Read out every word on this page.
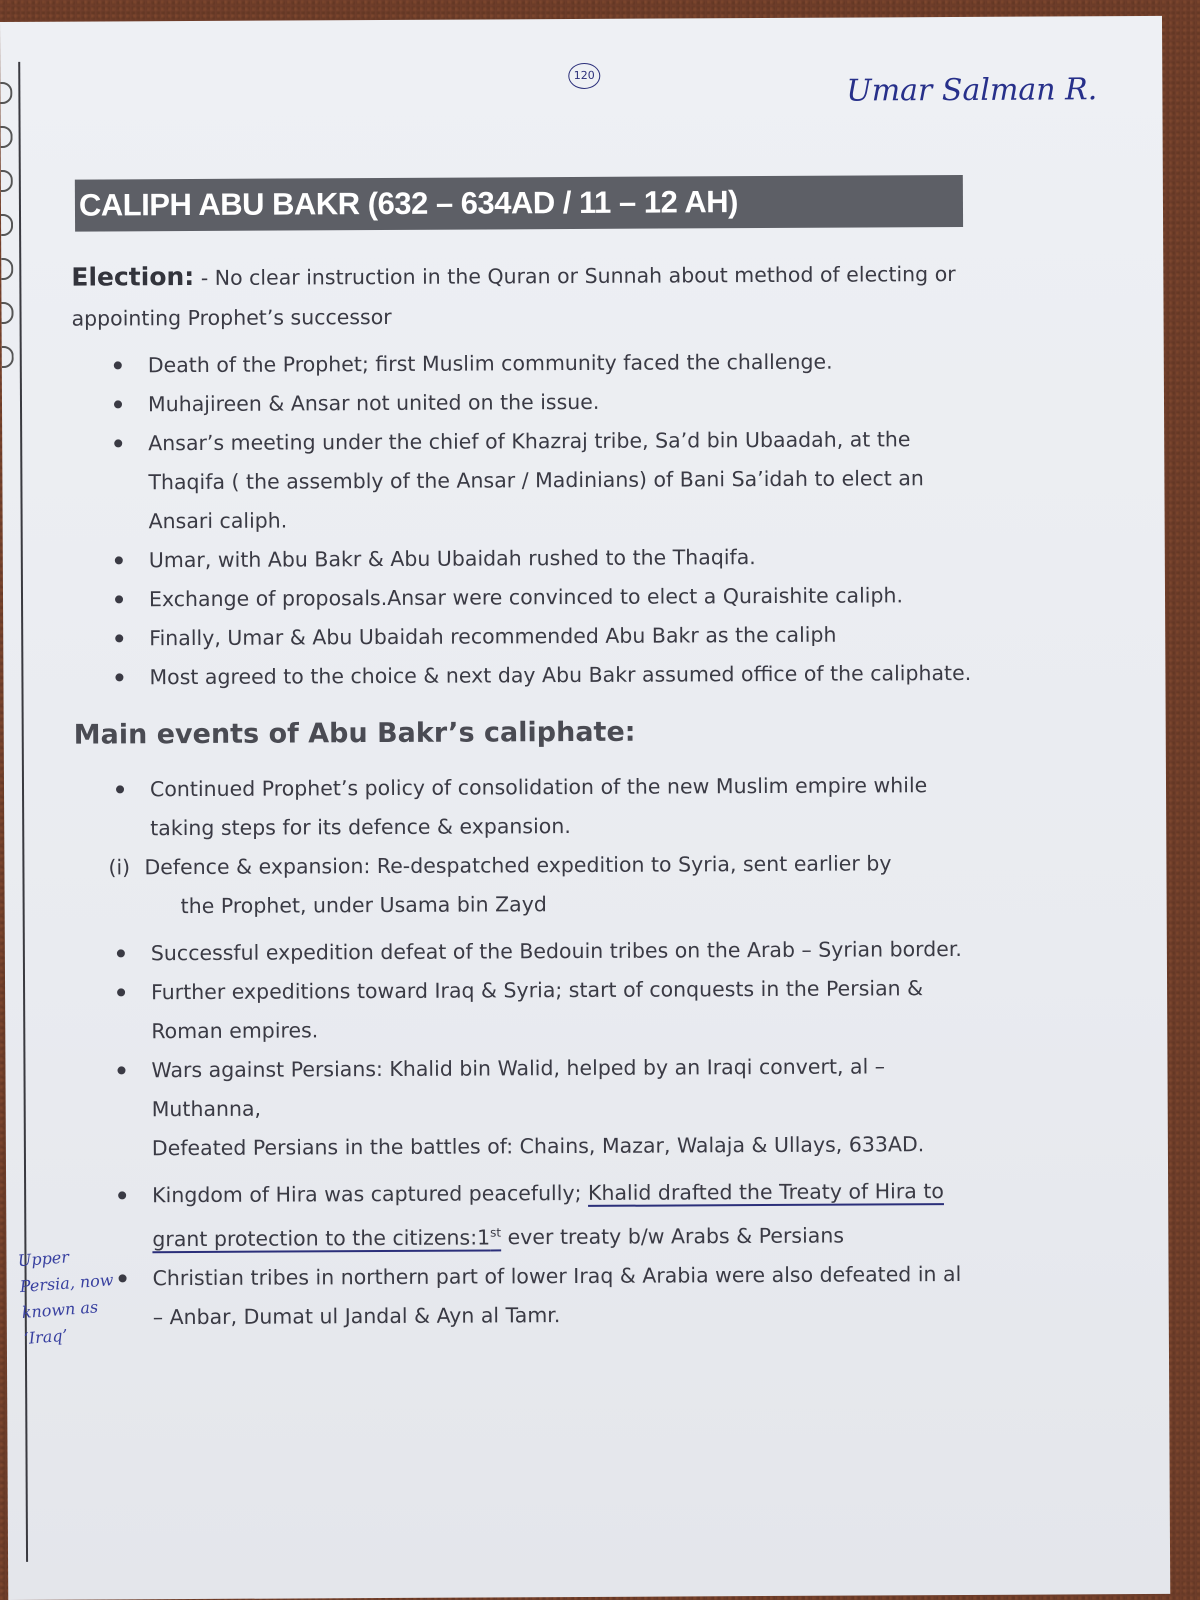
120	Umar Salman R.
CALIPH ABU BAKR (632 – 634AD / 11 – 12 AH)

Election: - No clear instruction in the Quran or Sunnah about method of electing or appointing Prophet’s successor

Death of the Prophet; first Muslim community faced the challenge.
Muhajireen & Ansar not united on the issue.
Ansar’s meeting under the chief of Khazraj tribe, Sa’d bin Ubaadah, at the Thaqifa ( the assembly of the Ansar / Madinians) of Bani Sa’idah to elect an Ansari caliph.
Umar, with Abu Bakr & Abu Ubaidah rushed to the Thaqifa.
Exchange of proposals.Ansar were convinced to elect a Quraishite caliph.
Finally, Umar & Abu Ubaidah recommended Abu Bakr as the caliph
Most agreed to the choice & next day Abu Bakr assumed office of the caliphate.
Main events of Abu Bakr’s caliphate:
Continued Prophet’s policy of consolidation of the new Muslim empire while taking steps for its defence & expansion.
(i) Defence & expansion: Re-despatched expedition to Syria, sent earlier by
the Prophet, under Usama bin Zayd
Successful expedition defeat of the Bedouin tribes on the Arab – Syrian border.
Further expeditions toward Iraq & Syria; start of conquests in the Persian & Roman empires.
Wars against Persians: Khalid bin Walid, helped by an Iraqi convert, al – Muthanna,
Defeated Persians in the battles of: Chains, Mazar, Walaja & Ullays, 633AD.
Kingdom of Hira was captured peacefully; Khalid drafted the Treaty of Hira to grant protection to the citizens:1st ever treaty b/w Arabs & Persians
Christian tribes in northern part of lower Iraq & Arabia were also defeated in al – Anbar, Dumat ul Jandal & Ayn al Tamr.
Upper
Persia, now
known as
‘Iraq’
